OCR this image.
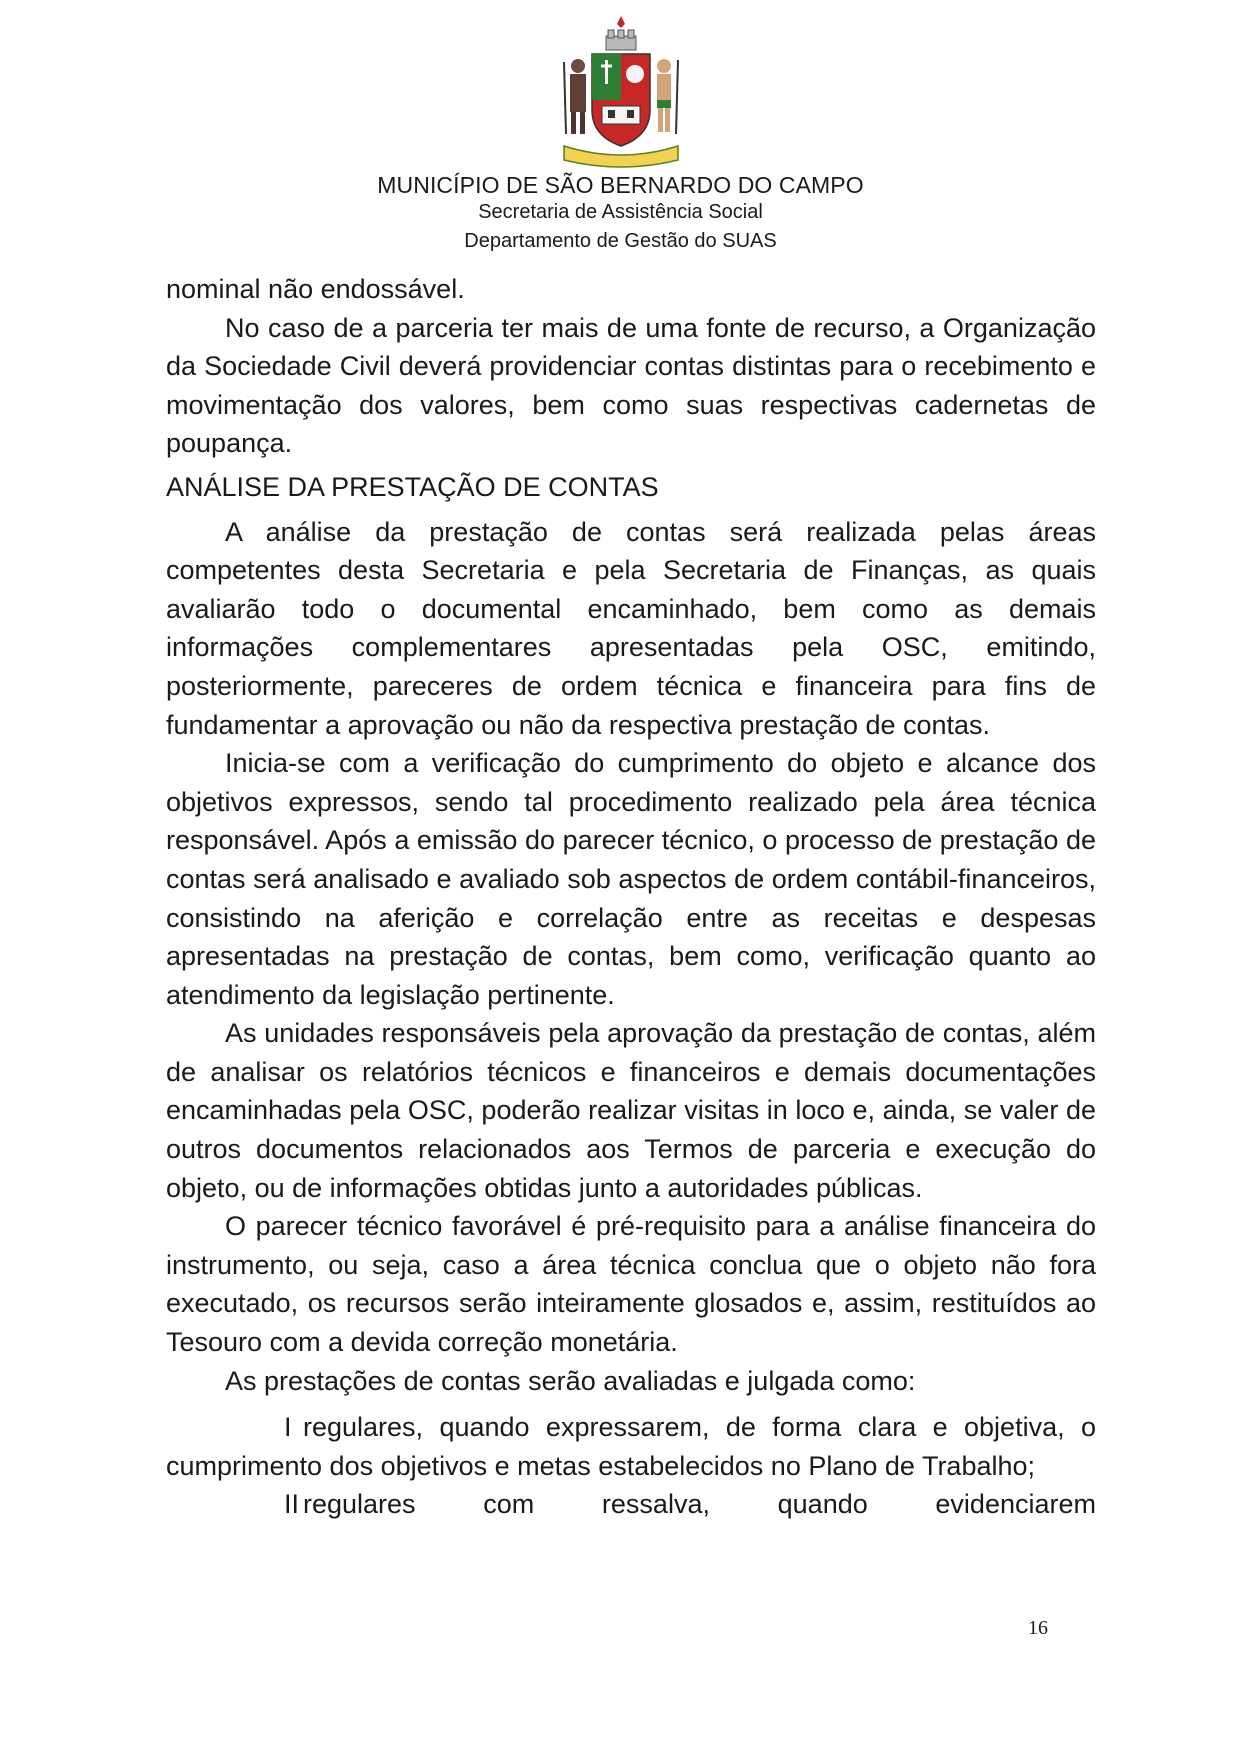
MUNICÍPIO DE SÃO BERNARDO DO CAMPO
Secretaria de Assistência Social
Departamento de Gestão do SUAS

nominal não endossável.

No caso de a parceria ter mais de uma fonte de recurso, a Organização da Sociedade Civil deverá providenciar contas distintas para o recebimento e movimentação dos valores, bem como suas respectivas cadernetas de poupança.

ANÁLISE DA PRESTAÇÃO DE CONTAS

A análise da prestação de contas será realizada pelas áreas competentes desta Secretaria e pela Secretaria de Finanças, as quais avaliarão todo o documental encaminhado, bem como as demais informações complementares apresentadas pela OSC, emitindo, posteriormente, pareceres de ordem técnica e financeira para fins de fundamentar a aprovação ou não da respectiva prestação de contas.

Inicia-se com a verificação do cumprimento do objeto e alcance dos objetivos expressos, sendo tal procedimento realizado pela área técnica responsável. Após a emissão do parecer técnico, o processo de prestação de contas será analisado e avaliado sob aspectos de ordem contábil-financeiros, consistindo na aferição e correlação entre as receitas e despesas apresentadas na prestação de contas, bem como, verificação quanto ao atendimento da legislação pertinente.

As unidades responsáveis pela aprovação da prestação de contas, além de analisar os relatórios técnicos e financeiros e demais documentações encaminhadas pela OSC, poderão realizar visitas in loco e, ainda, se valer de outros documentos relacionados aos Termos de parceria e execução do objeto, ou de informações obtidas junto a autoridades públicas.

O parecer técnico favorável é pré-requisito para a análise financeira do instrumento, ou seja, caso a área técnica conclua que o objeto não fora executado, os recursos serão inteiramente glosados e, assim, restituídos ao Tesouro com a devida correção monetária.

As prestações de contas serão avaliadas e julgada como:

I regulares, quando expressarem, de forma clara e objetiva, o cumprimento dos objetivos e metas estabelecidos no Plano de Trabalho;

II regulares com ressalva, quando evidenciarem

16
